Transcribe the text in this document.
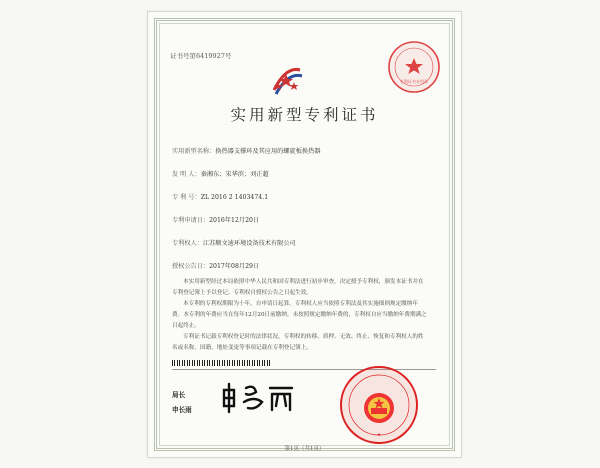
证书号第6419927号
专利证书专用章
实用新型专利证书
实用新型名称：换热器支撑环及其应用的螺旋板换热器
发 明 人：秦湘东；宋华滨；刘正超
专 利 号：ZL 2016 2 1403474.1
专利申请日：2016年12月20日
专利权人：江苏顺文迪环境设备技术有限公司
授权公告日：2017年08月29日
本实用新型经过本局依照中华人民共和国专利法进行初步审查，决定授予专利权，颁发本证书并在专利登记簿上予以登记。专利权自授权公告之日起生效。
本专利的专利权期限为十年，自申请日起算。专利权人应当依照专利法及其实施细则规定缴纳年费。本专利的年费应当在每年12月20日前缴纳。未按照规定缴纳年费的，专利权自应当缴纳年费期满之日起终止。
专利证书记载专利权登记时的法律状况。专利权的转移、质押、无效、终止、恢复和专利权人的姓名或名称、国籍、地址变更等事项记载在专利登记簿上。
局长
申长雨
★
第1页（共1页）
